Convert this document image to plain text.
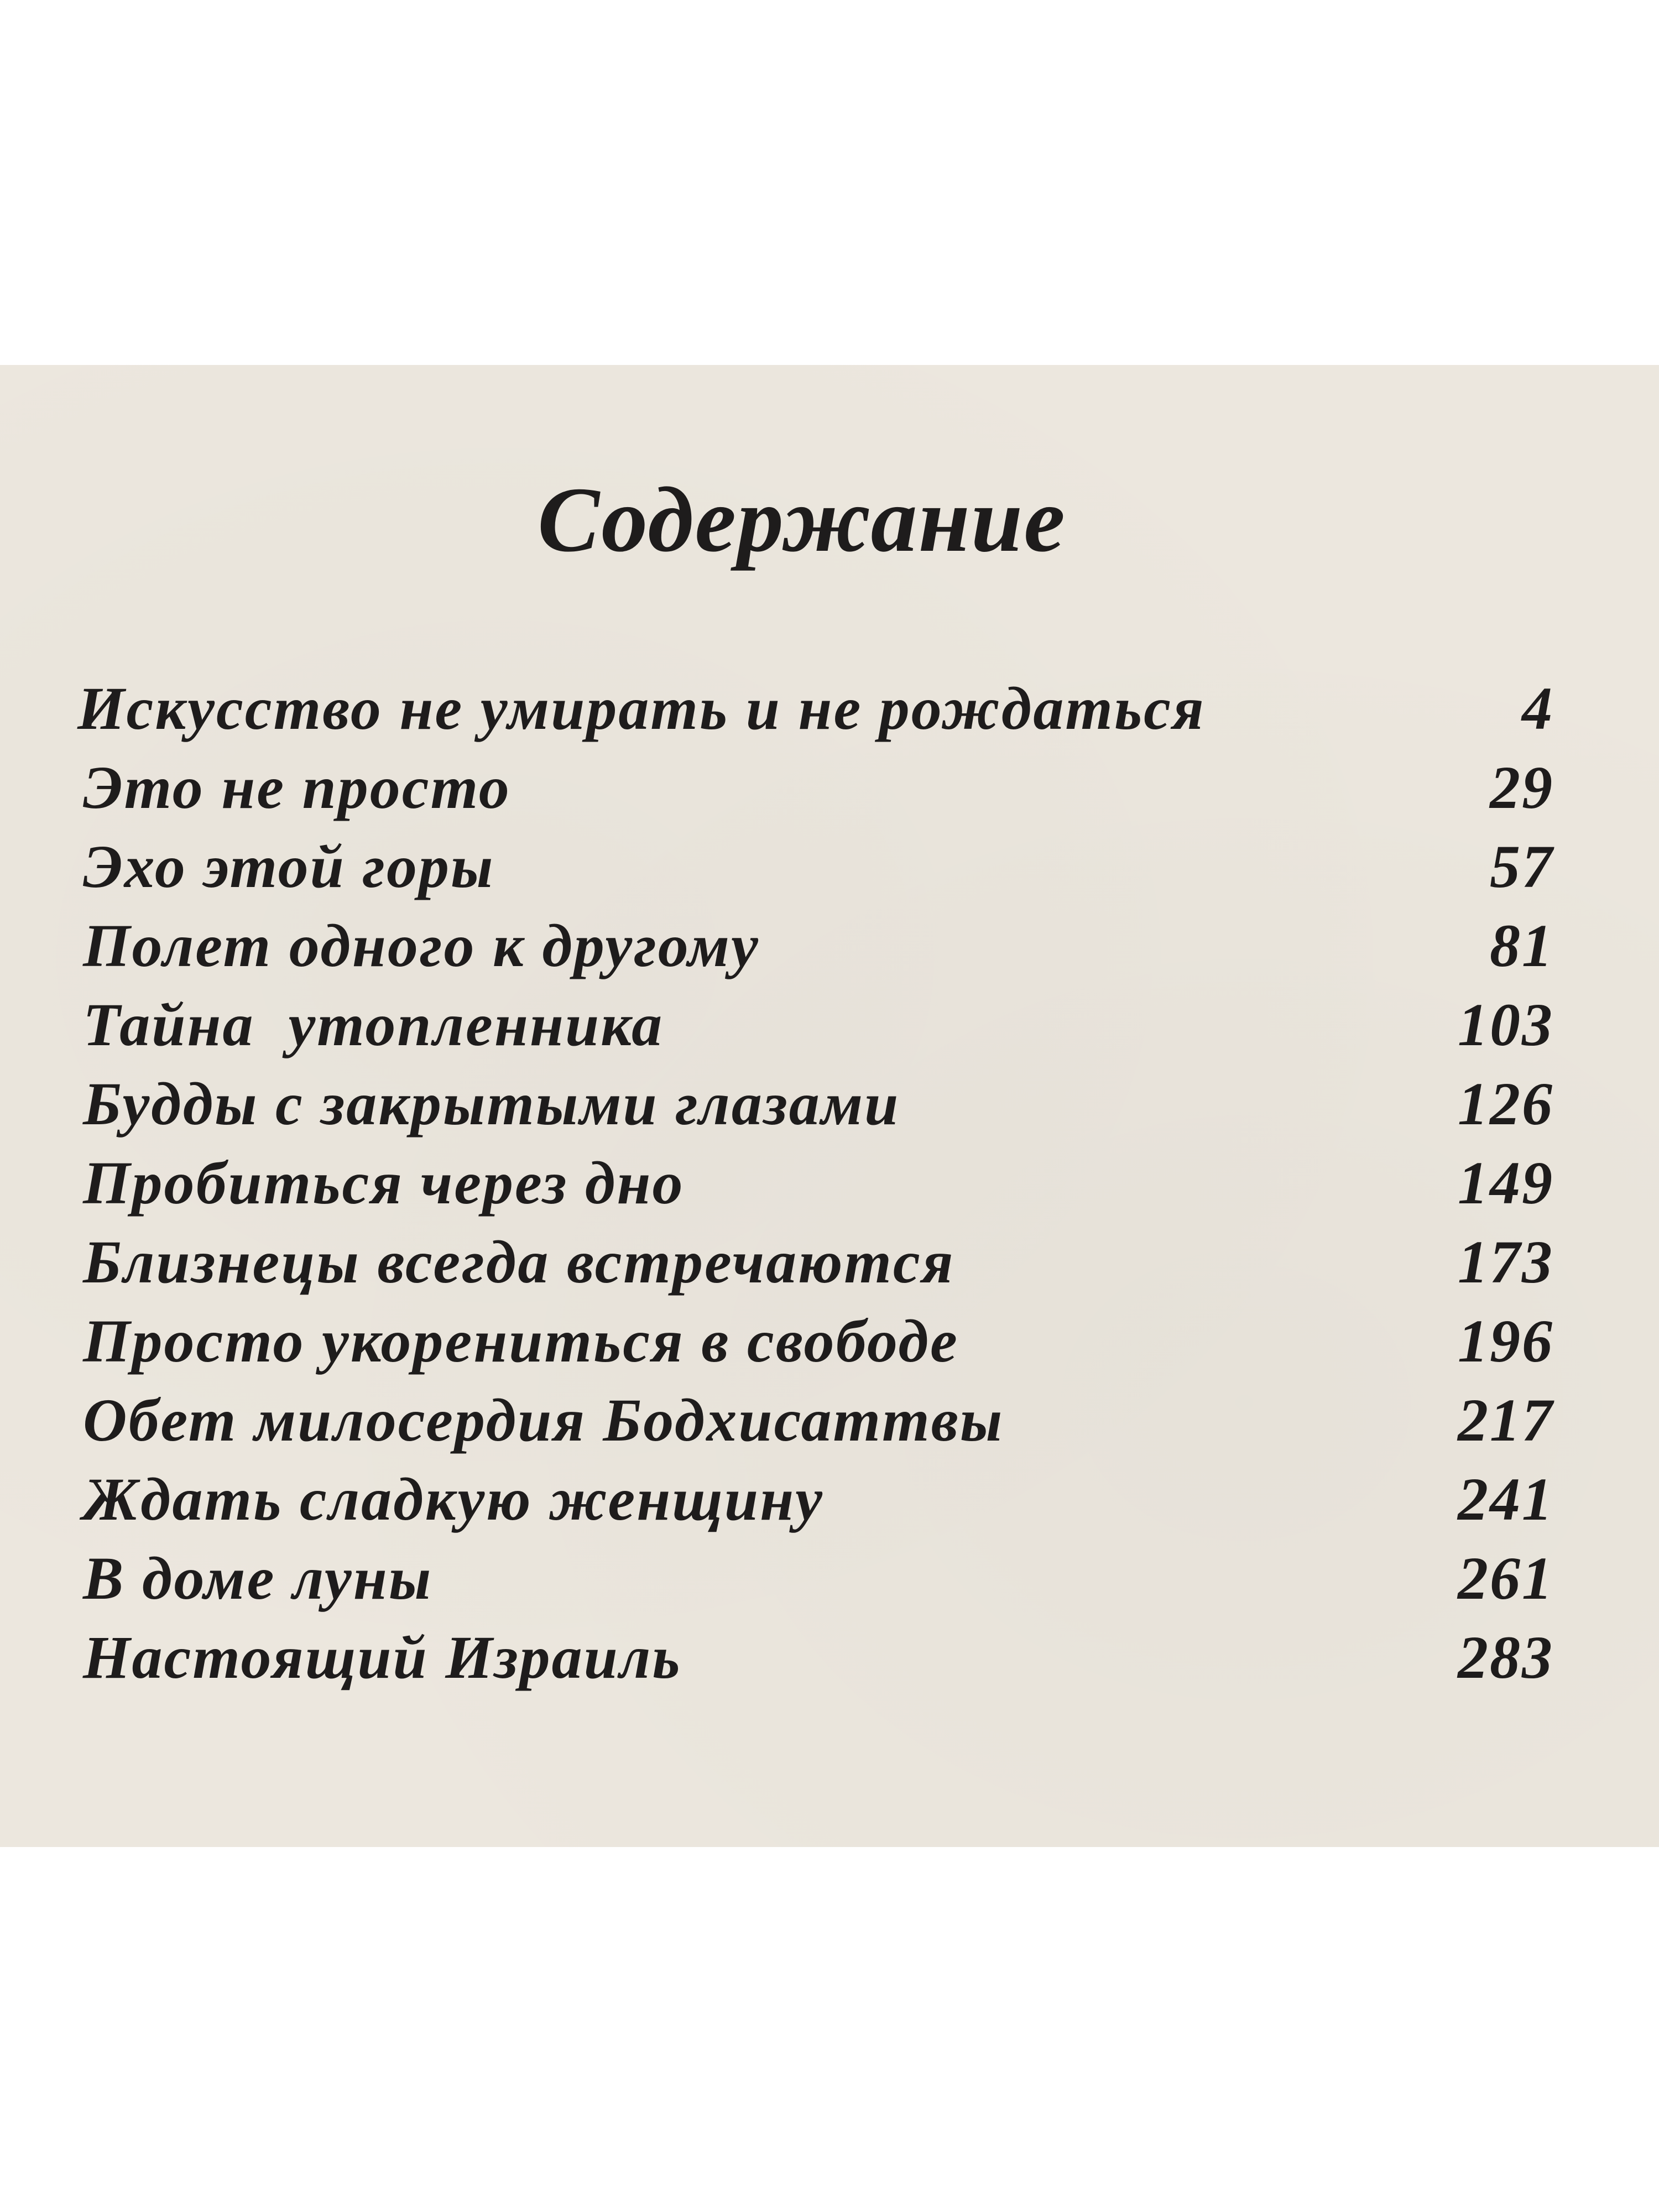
Содержание
Искусство не умирать и не рождаться	4
Это не просто	29
Эхо этой горы	57
Полет одного к другому	81
Тайна  утопленника	103
Будды с закрытыми глазами	126
Пробиться через дно	149
Близнецы всегда встречаются	173
Просто укорениться в свободе	196
Обет милосердия Бодхисаттвы	217
Ждать сладкую женщину	241
В доме луны	261
Настоящий Израиль	283
